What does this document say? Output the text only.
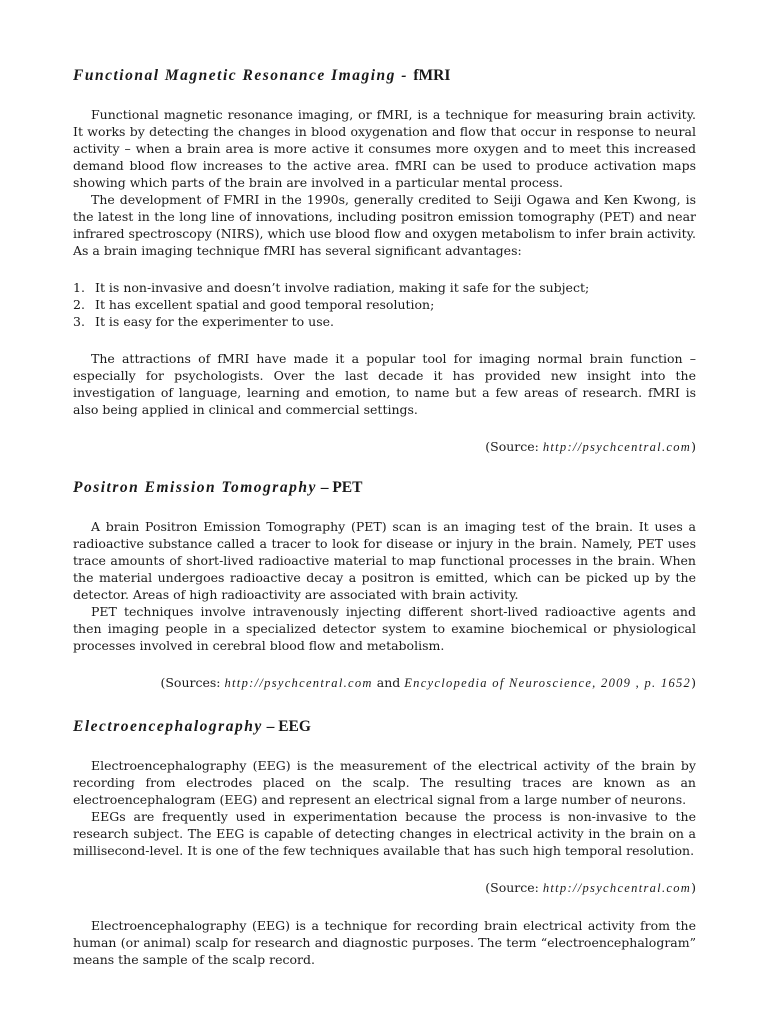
Functional Magnetic Resonance Imaging - fMRI

Functional magnetic resonance imaging, or fMRI, is a technique for measuring brain activity. It works by detecting the changes in blood oxygenation and flow that occur in response to neural activity – when a brain area is more active it consumes more oxygen and to meet this increased demand blood flow increases to the active area. fMRI can be used to produce activation maps showing which parts of the brain are involved in a particular mental process.

The development of FMRI in the 1990s, generally credited to Seiji Ogawa and Ken Kwong, is the latest in the long line of innovations, including positron emission tomography (PET) and near infrared spectroscopy (NIRS), which use blood flow and oxygen metabolism to infer brain activity. As a brain imaging technique fMRI has several significant advantages:

1. It is non-invasive and doesn’t involve radiation, making it safe for the subject;
2. It has excellent spatial and good temporal resolution;
3. It is easy for the experimenter to use.

The attractions of fMRI have made it a popular tool for imaging normal brain function – especially for psychologists. Over the last decade it has provided new insight into the investigation of language, learning and emotion, to name but a few areas of research. fMRI is also being applied in clinical and commercial settings.

(Source: http://psychcentral.com)

Positron Emission Tomography – PET

A brain Positron Emission Tomography (PET) scan is an imaging test of the brain. It uses a radioactive substance called a tracer to look for disease or injury in the brain. Namely, PET uses trace amounts of short-lived radioactive material to map functional processes in the brain. When the material undergoes radioactive decay a positron is emitted, which can be picked up by the detector. Areas of high radioactivity are associated with brain activity.

PET techniques involve intravenously injecting different short-lived radioactive agents and then imaging people in a specialized detector system to examine biochemical or physiological processes involved in cerebral blood flow and metabolism.

(Sources: http://psychcentral.com and Encyclopedia of Neuroscience, 2009 , p. 1652)

Electroencephalography – EEG

Electroencephalography (EEG) is the measurement of the electrical activity of the brain by recording from electrodes placed on the scalp. The resulting traces are known as an electroencephalogram (EEG) and represent an electrical signal from a large number of neurons.

EEGs are frequently used in experimentation because the process is non-invasive to the research subject. The EEG is capable of detecting changes in electrical activity in the brain on a millisecond-level. It is one of the few techniques available that has such high temporal resolution.

(Source: http://psychcentral.com)

Electroencephalography (EEG) is a technique for recording brain electrical activity from the human (or animal) scalp for research and diagnostic purposes. The term “electroencephalogram” means the sample of the scalp record.
